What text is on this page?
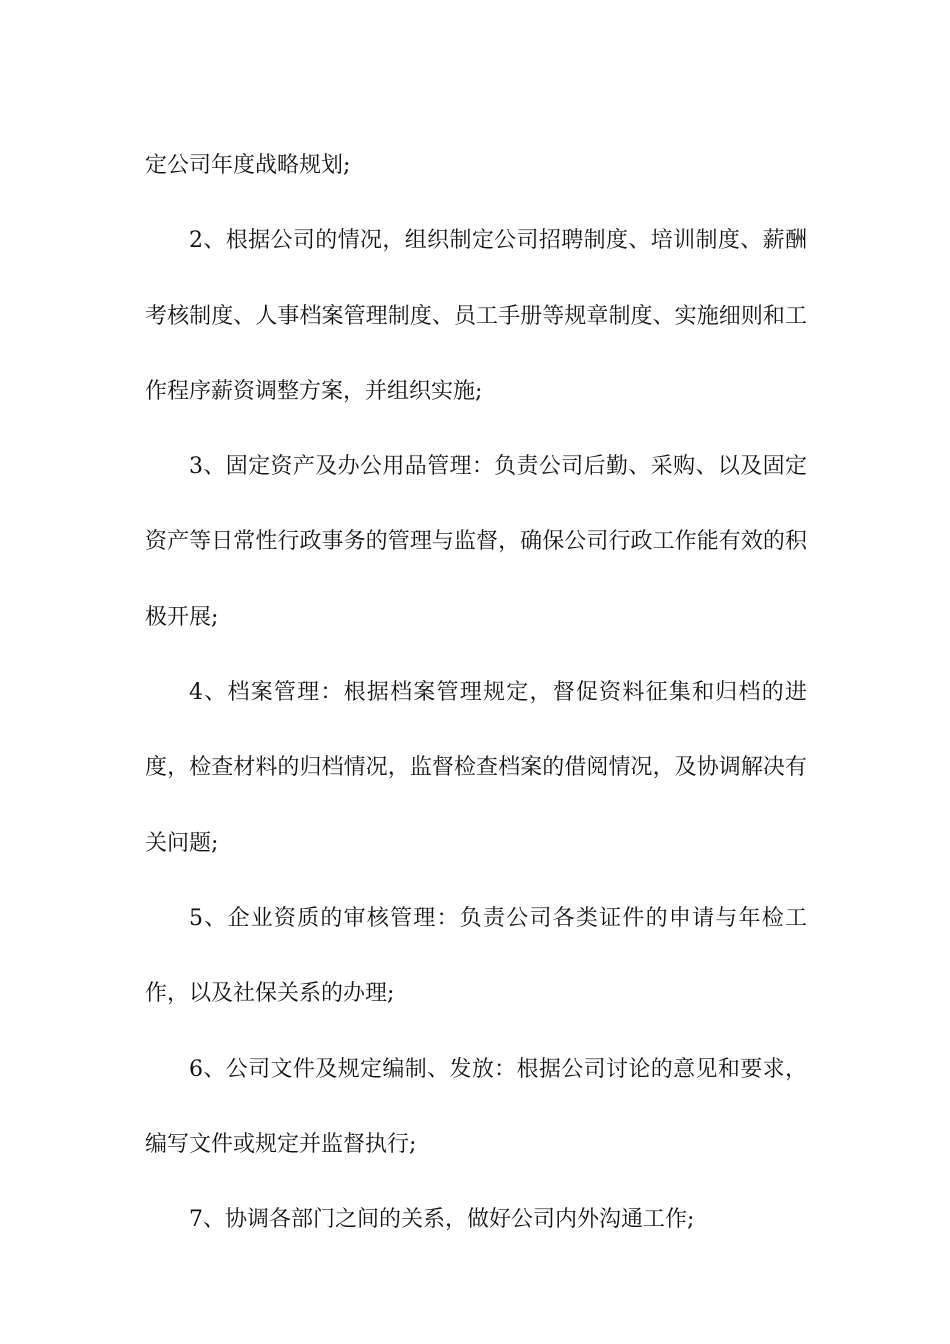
定公司年度战略规划;

2、根据公司的情况，组织制定公司招聘制度、培训制度、薪酬考核制度、人事档案管理制度、员工手册等规章制度、实施细则和工作程序薪资调整方案，并组织实施;

3、固定资产及办公用品管理：负责公司后勤、采购、以及固定资产等日常性行政事务的管理与监督，确保公司行政工作能有效的积极开展;

4、档案管理：根据档案管理规定，督促资料征集和归档的进度，检查材料的归档情况，监督检查档案的借阅情况，及协调解决有关问题;

5、企业资质的审核管理：负责公司各类证件的申请与年检工作，以及社保关系的办理;

6、公司文件及规定编制、发放：根据公司讨论的意见和要求，编写文件或规定并监督执行;

7、协调各部门之间的关系，做好公司内外沟通工作;
